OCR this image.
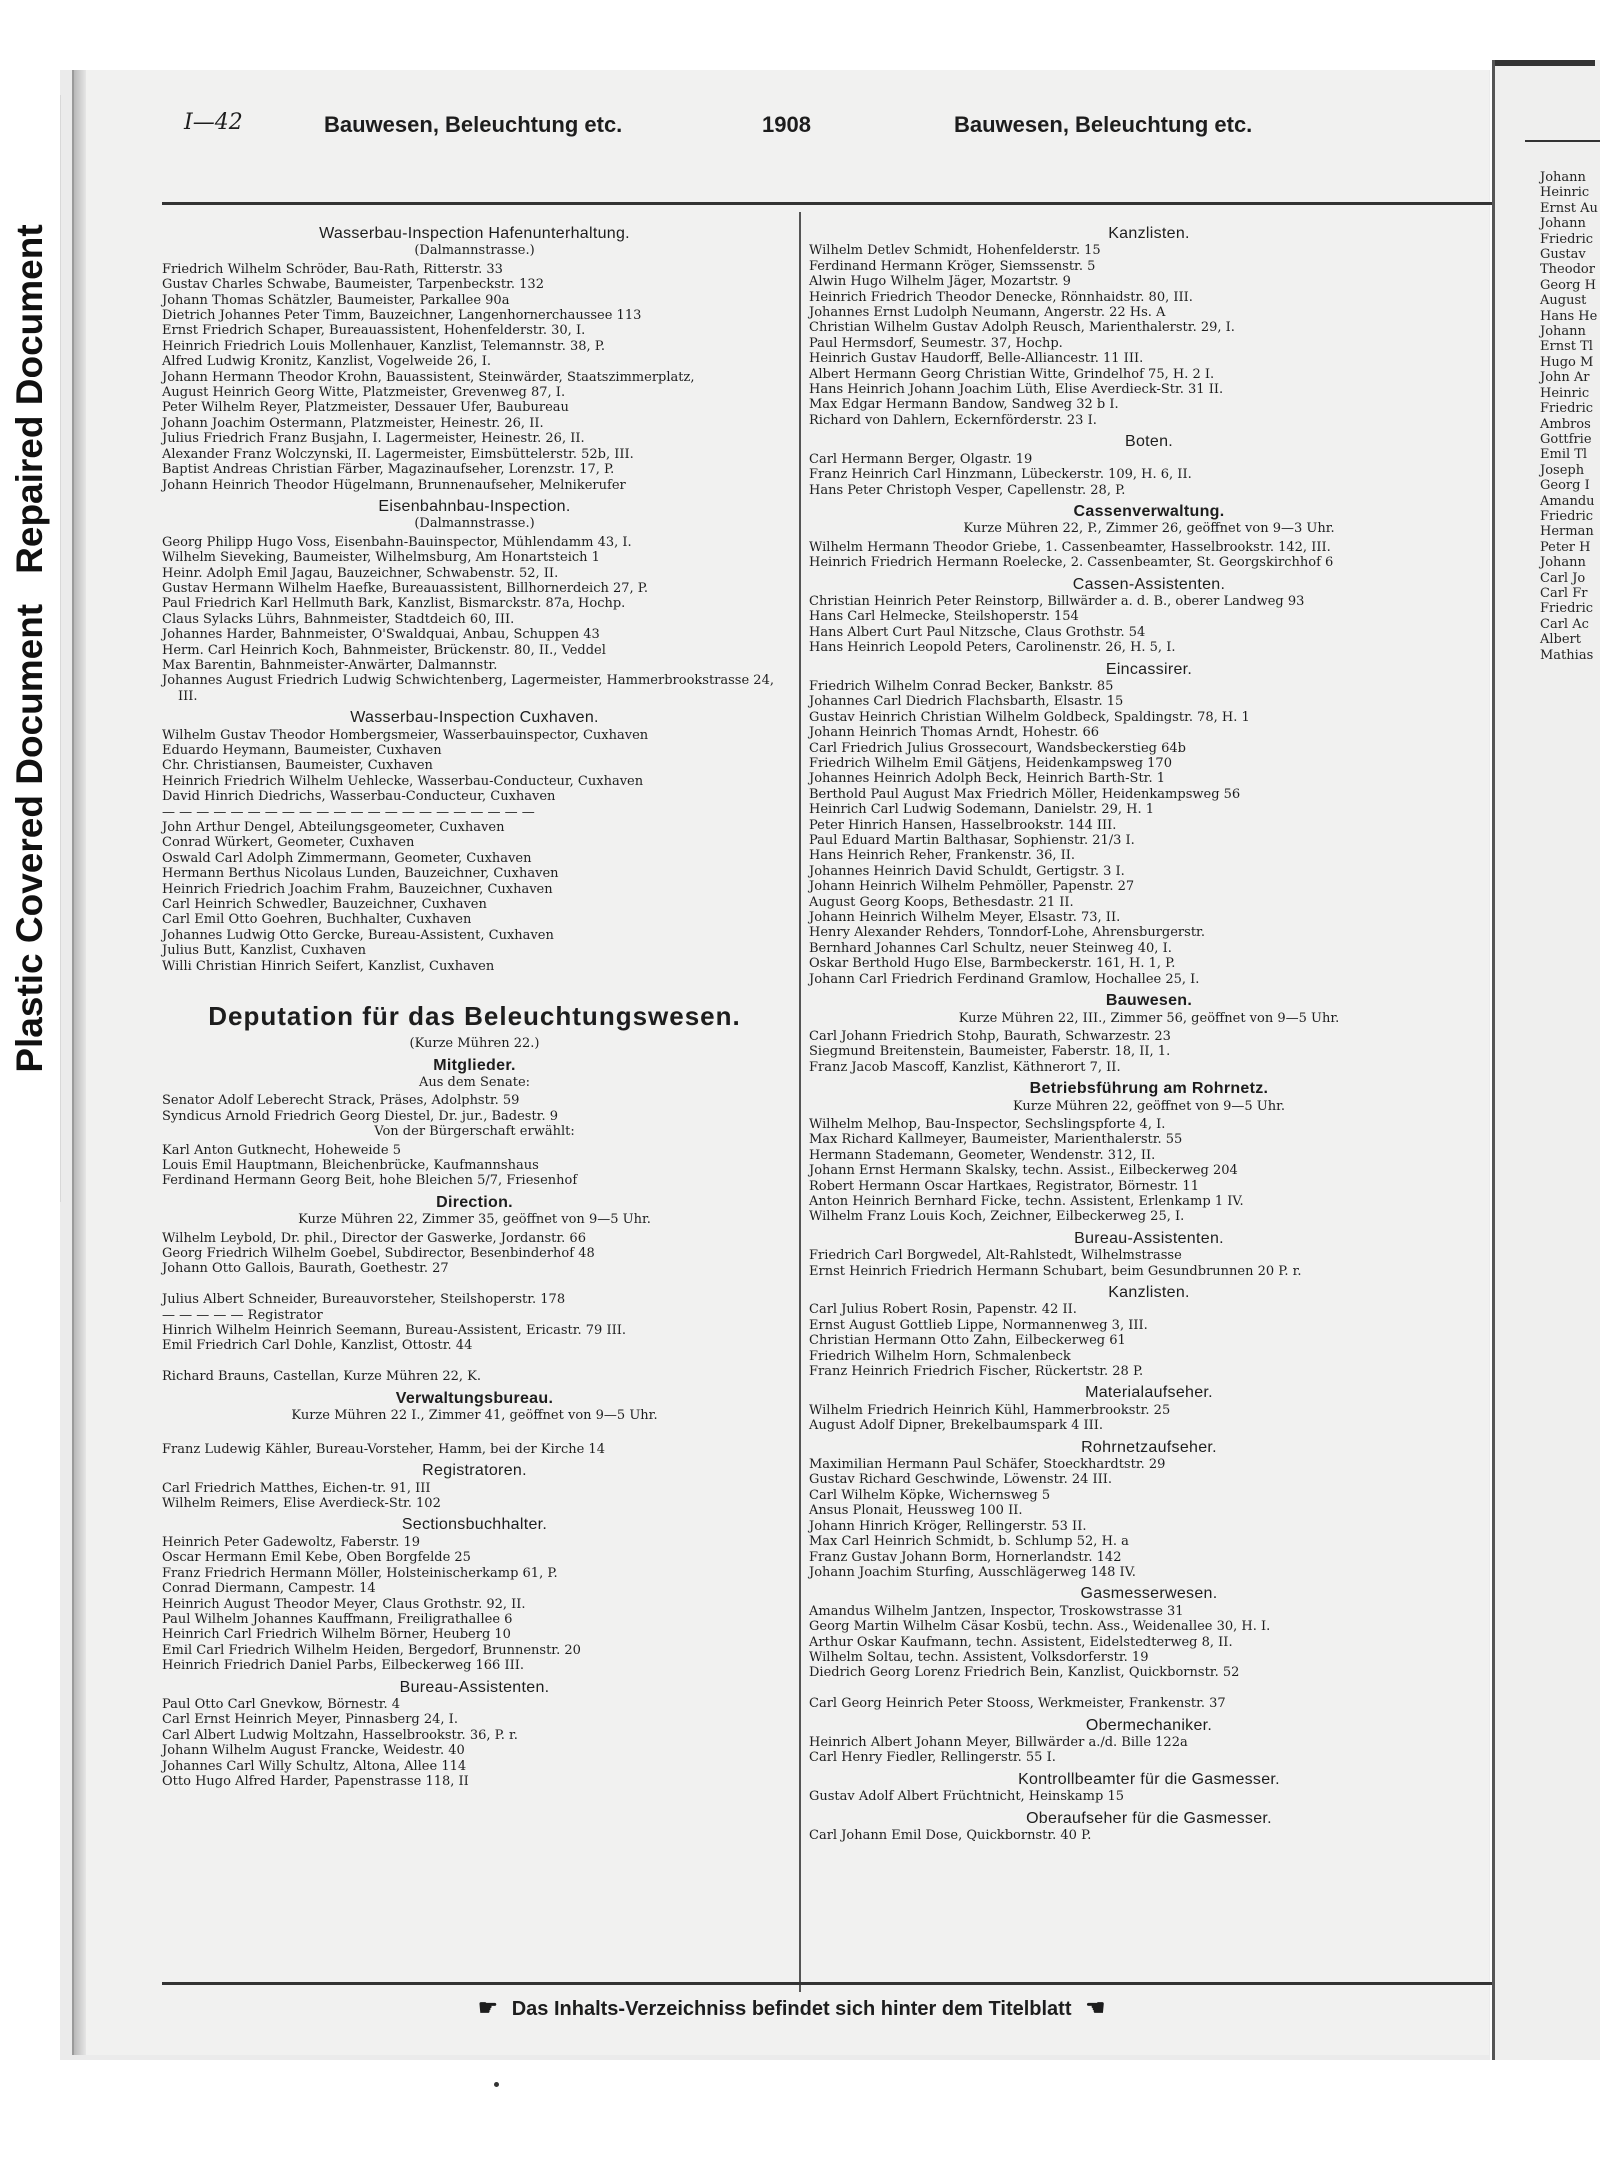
Plastic Covered Document
Repaired Document
Johann
Heinric
Ernst Au
Johann
Friedric
Gustav
Theodor
Georg H
August
Hans He
Johann
Ernst Tl
Hugo M
John Ar
Heinric
Friedric
Ambros
Gottfrie
Emil Tl
Joseph
Georg I
Amandu
Friedric
Herman
Peter H
Johann
Carl Jo
Carl Fr
Friedric
Carl Ac
Albert
Mathias
I—42	Bauwesen, Beleuchtung etc.	1908	Bauwesen, Beleuchtung etc.
Wasserbau-Inspection Hafenunterhaltung.
(Dalmannstrasse.)
Friedrich Wilhelm Schröder, Bau-Rath, Ritterstr. 33
Gustav Charles Schwabe, Baumeister, Tarpenbeckstr. 132
Johann Thomas Schätzler, Baumeister, Parkallee 90a
Dietrich Johannes Peter Timm, Bauzeichner, Langenhornerchaussee 113
Ernst Friedrich Schaper, Bureauassistent, Hohenfelderstr. 30, I.
Heinrich Friedrich Louis Mollenhauer, Kanzlist, Telemannstr. 38, P.
Alfred Ludwig Kronitz, Kanzlist, Vogelweide 26, I.
Johann Hermann Theodor Krohn, Bauassistent, Steinwärder, Staatszimmerplatz,
August Heinrich Georg Witte, Platzmeister, Grevenweg 87, I.
Peter Wilhelm Reyer, Platzmeister, Dessauer Ufer, Baubureau
Johann Joachim Ostermann, Platzmeister, Heinestr. 26, II.
Julius Friedrich Franz Busjahn, I. Lagermeister, Heinestr. 26, II.
Alexander Franz Wolczynski, II. Lagermeister, Eimsbüttelerstr. 52b, III.
Baptist Andreas Christian Färber, Magazinaufseher, Lorenzstr. 17, P.
Johann Heinrich Theodor Hügelmann, Brunnenaufseher, Melnikerufer
Eisenbahnbau-Inspection.
(Dalmannstrasse.)
Georg Philipp Hugo Voss, Eisenbahn-Bauinspector, Mühlendamm 43, I.
Wilhelm Sieveking, Baumeister, Wilhelmsburg, Am Honartsteich 1
Heinr. Adolph Emil Jagau, Bauzeichner, Schwabenstr. 52, II.
Gustav Hermann Wilhelm Haefke, Bureauassistent, Billhornerdeich 27, P.
Paul Friedrich Karl Hellmuth Bark, Kanzlist, Bismarckstr. 87a, Hochp.
Claus Sylacks Lührs, Bahnmeister, Stadtdeich 60, III.
Johannes Harder, Bahnmeister, O'Swaldquai, Anbau, Schuppen 43
Herm. Carl Heinrich Koch, Bahnmeister, Brückenstr. 80, II., Veddel
Max Barentin, Bahnmeister-Anwärter, Dalmannstr.
Johannes August Friedrich Ludwig Schwichtenberg, Lagermeister, Hammerbrookstrasse 24, III.
Wasserbau-Inspection Cuxhaven.
Wilhelm Gustav Theodor Hombergsmeier, Wasserbauinspector, Cuxhaven
Eduardo Heymann, Baumeister, Cuxhaven
Chr. Christiansen, Baumeister, Cuxhaven
Heinrich Friedrich Wilhelm Uehlecke, Wasserbau-Conducteur, Cuxhaven
David Hinrich Diedrichs, Wasserbau-Conducteur, Cuxhaven
— — — — — — — — — — — — — — — — — — — — — —
John Arthur Dengel, Abteilungsgeometer, Cuxhaven
Conrad Würkert, Geometer, Cuxhaven
Oswald Carl Adolph Zimmermann, Geometer, Cuxhaven
Hermann Berthus Nicolaus Lunden, Bauzeichner, Cuxhaven
Heinrich Friedrich Joachim Frahm, Bauzeichner, Cuxhaven
Carl Heinrich Schwedler, Bauzeichner, Cuxhaven
Carl Emil Otto Goehren, Buchhalter, Cuxhaven
Johannes Ludwig Otto Gercke, Bureau-Assistent, Cuxhaven
Julius Butt, Kanzlist, Cuxhaven
Willi Christian Hinrich Seifert, Kanzlist, Cuxhaven
Deputation für das Beleuchtungswesen.
(Kurze Mühren 22.)
Mitglieder.
Aus dem Senate:
Senator Adolf Leberecht Strack, Präses, Adolphstr. 59
Syndicus Arnold Friedrich Georg Diestel, Dr. jur., Badestr. 9
Von der Bürgerschaft erwählt:
Karl Anton Gutknecht, Hoheweide 5
Louis Emil Hauptmann, Bleichenbrücke, Kaufmannshaus
Ferdinand Hermann Georg Beit, hohe Bleichen 5/7, Friesenhof
Direction.
Kurze Mühren 22, Zimmer 35, geöffnet von 9—5 Uhr.
Wilhelm Leybold, Dr. phil., Director der Gaswerke, Jordanstr. 66
Georg Friedrich Wilhelm Goebel, Subdirector, Besenbinderhof 48
Johann Otto Gallois, Baurath, Goethestr. 27

Julius Albert Schneider, Bureauvorsteher, Steilshoperstr. 178
— — — — — Registrator
Hinrich Wilhelm Heinrich Seemann, Bureau-Assistent, Ericastr. 79 III.
Emil Friedrich Carl Dohle, Kanzlist, Ottostr. 44

Richard Brauns, Castellan, Kurze Mühren 22, K.
Verwaltungsbureau.
Kurze Mühren 22 I., Zimmer 41, geöffnet von 9—5 Uhr.

Franz Ludewig Kähler, Bureau-Vorsteher, Hamm, bei der Kirche 14
Registratoren.
Carl Friedrich Matthes, Eichen-tr. 91, III
Wilhelm Reimers, Elise Averdieck-Str. 102
Sectionsbuchhalter.
Heinrich Peter Gadewoltz, Faberstr. 19
Oscar Hermann Emil Kebe, Oben Borgfelde 25
Franz Friedrich Hermann Möller, Holsteinischerkamp 61, P.
Conrad Diermann, Campestr. 14
Heinrich August Theodor Meyer, Claus Grothstr. 92, II.
Paul Wilhelm Johannes Kauffmann, Freiligrathallee 6
Heinrich Carl Friedrich Wilhelm Börner, Heuberg 10
Emil Carl Friedrich Wilhelm Heiden, Bergedorf, Brunnenstr. 20
Heinrich Friedrich Daniel Parbs, Eilbeckerweg 166 III.
Bureau-Assistenten.
Paul Otto Carl Gnevkow, Börnestr. 4
Carl Ernst Heinrich Meyer, Pinnasberg 24, I.
Carl Albert Ludwig Moltzahn, Hasselbrookstr. 36, P. r.
Johann Wilhelm August Francke, Weidestr. 40
Johannes Carl Willy Schultz, Altona, Allee 114
Otto Hugo Alfred Harder, Papenstrasse 118, II
Kanzlisten.
Wilhelm Detlev Schmidt, Hohenfelderstr. 15
Ferdinand Hermann Kröger, Siemssenstr. 5
Alwin Hugo Wilhelm Jäger, Mozartstr. 9
Heinrich Friedrich Theodor Denecke, Rönnhaidstr. 80, III.
Johannes Ernst Ludolph Neumann, Angerstr. 22 Hs. A
Christian Wilhelm Gustav Adolph Reusch, Marienthalerstr. 29, I.
Paul Hermsdorf, Seumestr. 37, Hochp.
Heinrich Gustav Haudorff, Belle-Alliancestr. 11 III.
Albert Hermann Georg Christian Witte, Grindelhof 75, H. 2 I.
Hans Heinrich Johann Joachim Lüth, Elise Averdieck-Str. 31 II.
Max Edgar Hermann Bandow, Sandweg 32 b I.
Richard von Dahlern, Eckernförderstr. 23 I.
Boten.
Carl Hermann Berger, Olgastr. 19
Franz Heinrich Carl Hinzmann, Lübeckerstr. 109, H. 6, II.
Hans Peter Christoph Vesper, Capellenstr. 28, P.
Cassenverwaltung.
Kurze Mühren 22, P., Zimmer 26, geöffnet von 9—3 Uhr.
Wilhelm Hermann Theodor Griebe, 1. Cassenbeamter, Hasselbrookstr. 142, III.
Heinrich Friedrich Hermann Roelecke, 2. Cassenbeamter, St. Georgskirchhof 6
Cassen-Assistenten.
Christian Heinrich Peter Reinstorp, Billwärder a. d. B., oberer Landweg 93
Hans Carl Helmecke, Steilshoperstr. 154
Hans Albert Curt Paul Nitzsche, Claus Grothstr. 54
Hans Heinrich Leopold Peters, Carolinenstr. 26, H. 5, I.
Eincassirer.
Friedrich Wilhelm Conrad Becker, Bankstr. 85
Johannes Carl Diedrich Flachsbarth, Elsastr. 15
Gustav Heinrich Christian Wilhelm Goldbeck, Spaldingstr. 78, H. 1
Johann Heinrich Thomas Arndt, Hohestr. 66
Carl Friedrich Julius Grossecourt, Wandsbeckerstieg 64b
Friedrich Wilhelm Emil Gätjens, Heidenkampsweg 170
Johannes Heinrich Adolph Beck, Heinrich Barth-Str. 1
Berthold Paul August Max Friedrich Möller, Heidenkampsweg 56
Heinrich Carl Ludwig Sodemann, Danielstr. 29, H. 1
Peter Hinrich Hansen, Hasselbrookstr. 144 III.
Paul Eduard Martin Balthasar, Sophienstr. 21/3 I.
Hans Heinrich Reher, Frankenstr. 36, II.
Johannes Heinrich David Schuldt, Gertigstr. 3 I.
Johann Heinrich Wilhelm Pehmöller, Papenstr. 27
August Georg Koops, Bethesdastr. 21 II.
Johann Heinrich Wilhelm Meyer, Elsastr. 73, II.
Henry Alexander Rehders, Tonndorf-Lohe, Ahrensburgerstr.
Bernhard Johannes Carl Schultz, neuer Steinweg 40, I.
Oskar Berthold Hugo Else, Barmbeckerstr. 161, H. 1, P.
Johann Carl Friedrich Ferdinand Gramlow, Hochallee 25, I.
Bauwesen.
Kurze Mühren 22, III., Zimmer 56, geöffnet von 9—5 Uhr.
Carl Johann Friedrich Stohp, Baurath, Schwarzestr. 23
Siegmund Breitenstein, Baumeister, Faberstr. 18, II, 1.
Franz Jacob Mascoff, Kanzlist, Käthnerort 7, II.
Betriebsführung am Rohrnetz.
Kurze Mühren 22, geöffnet von 9—5 Uhr.
Wilhelm Melhop, Bau-Inspector, Sechslingspforte 4, I.
Max Richard Kallmeyer, Baumeister, Marienthalerstr. 55
Hermann Stademann, Geometer, Wendenstr. 312, II.
Johann Ernst Hermann Skalsky, techn. Assist., Eilbeckerweg 204
Robert Hermann Oscar Hartkaes, Registrator, Börnestr. 11
Anton Heinrich Bernhard Ficke, techn. Assistent, Erlenkamp 1 IV.
Wilhelm Franz Louis Koch, Zeichner, Eilbeckerweg 25, I.
Bureau-Assistenten.
Friedrich Carl Borgwedel, Alt-Rahlstedt, Wilhelmstrasse
Ernst Heinrich Friedrich Hermann Schubart, beim Gesundbrunnen 20 P. r.
Kanzlisten.
Carl Julius Robert Rosin, Papenstr. 42 II.
Ernst August Gottlieb Lippe, Normannenweg 3, III.
Christian Hermann Otto Zahn, Eilbeckerweg 61
Friedrich Wilhelm Horn, Schmalenbeck
Franz Heinrich Friedrich Fischer, Rückertstr. 28 P.
Materialaufseher.
Wilhelm Friedrich Heinrich Kühl, Hammerbrookstr. 25
August Adolf Dipner, Brekelbaumspark 4 III.
Rohrnetzaufseher.
Maximilian Hermann Paul Schäfer, Stoeckhardtstr. 29
Gustav Richard Geschwinde, Löwenstr. 24 III.
Carl Wilhelm Köpke, Wichernsweg 5
Ansus Plonait, Heussweg 100 II.
Johann Hinrich Kröger, Rellingerstr. 53 II.
Max Carl Heinrich Schmidt, b. Schlump 52, H. a
Franz Gustav Johann Borm, Hornerlandstr. 142
Johann Joachim Sturfing, Ausschlägerweg 148 IV.
Gasmesserwesen.
Amandus Wilhelm Jantzen, Inspector, Troskowstrasse 31
Georg Martin Wilhelm Cäsar Kosbü, techn. Ass., Weidenallee 30, H. I.
Arthur Oskar Kaufmann, techn. Assistent, Eidelstedterweg 8, II.
Wilhelm Soltau, techn. Assistent, Volksdorferstr. 19
Diedrich Georg Lorenz Friedrich Bein, Kanzlist, Quickbornstr. 52

Carl Georg Heinrich Peter Stooss, Werkmeister, Frankenstr. 37
Obermechaniker.
Heinrich Albert Johann Meyer, Billwärder a./d. Bille 122a
Carl Henry Fiedler, Rellingerstr. 55 I.
Kontrollbeamter für die Gasmesser.
Gustav Adolf Albert Früchtnicht, Heinskamp 15
Oberaufseher für die Gasmesser.
Carl Johann Emil Dose, Quickbornstr. 40 P.
☛ Das Inhalts-Verzeichniss befindet sich hinter dem Titelblatt ☚
